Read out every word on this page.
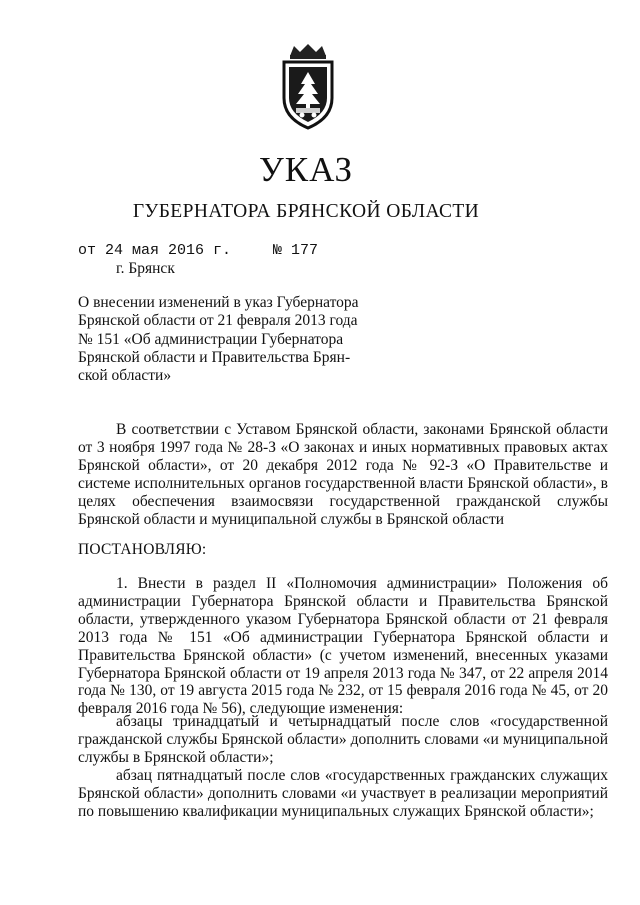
УКАЗ
ГУБЕРНАТОРА БРЯНСКОЙ ОБЛАСТИ
от 24 мая 2016 г.	№ 177
г. Брянск
О внесении изменений в указ Губернатора
Брянской области от 21 февраля 2013 года
№ 151 «Об администрации Губернатора
Брянской области и Правительства Брян-
ской области»

В соответствии с Уставом Брянской области, законами Брянской области от 3 ноября 1997 года № 28-З «О законах и иных нормативных правовых актах Брянской области», от 20 декабря 2012 года № 92-З «О Правительстве и системе исполнительных органов государственной власти Брянской области», в целях обеспечения взаимосвязи государственной гражданской службы Брянской области и муниципальной службы в Брянской области

ПОСТАНОВЛЯЮ:

1. Внести в раздел II «Полномочия администрации» Положения об администрации Губернатора Брянской области и Правительства Брянской области, утвержденного указом Губернатора Брянской области от 21 февраля 2013 года № 151 «Об администрации Губернатора Брянской области и Правительства Брянской области» (с учетом изменений, внесенных указами Губернатора Брянской области от 19 апреля 2013 года № 347, от 22 апреля 2014 года № 130, от 19 августа 2015 года № 232, от 15 февраля 2016 года № 45, от 20 февраля 2016 года № 56), следующие изменения:

абзацы тринадцатый и четырнадцатый после слов «государственной гражданской службы Брянской области» дополнить словами «и муниципальной службы в Брянской области»;

абзац пятнадцатый после слов «государственных гражданских служащих Брянской области» дополнить словами «и участвует в реализации мероприятий по повышению квалификации муниципальных служащих Брянской области»;
